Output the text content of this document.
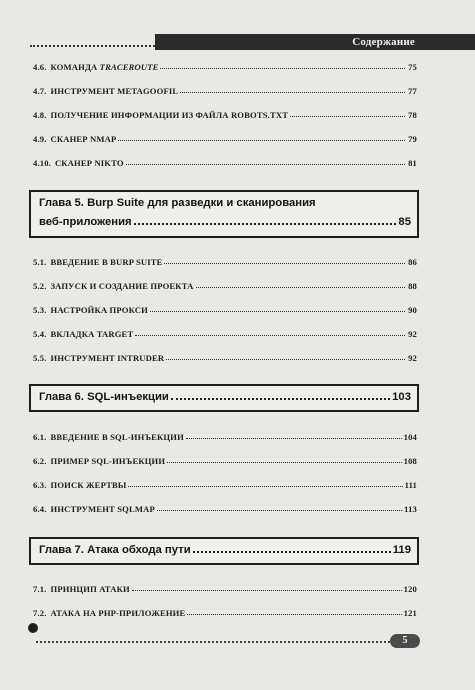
Содержание
4.6. КОМАНДА TRACEROUTE	75
4.7. ИНСТРУМЕНТ METAGOOFIL	77
4.8. ПОЛУЧЕНИЕ ИНФОРМАЦИИ ИЗ ФАЙЛА ROBOTS.TXT	78
4.9. СКАНЕР NMAP	79
4.10. СКАНЕР NIKTO	81
Глава 5. Burp Suite для разведки и сканирования
веб-приложения	85
5.1. ВВЕДЕНИЕ В BURP SUITE	86
5.2. ЗАПУСК И СОЗДАНИЕ ПРОЕКТА	88
5.3. НАСТРОЙКА ПРОКСИ	90
5.4. ВКЛАДКА TARGET	92
5.5. ИНСТРУМЕНТ INTRUDER	92
Глава 6. SQL-инъекции	103
6.1. ВВЕДЕНИЕ В SQL-ИНЪЕКЦИИ	104
6.2. ПРИМЕР SQL-ИНЪЕКЦИИ	108
6.3. ПОИСК ЖЕРТВЫ	111
6.4. ИНСТРУМЕНТ SQLMAP	113
Глава 7. Атака обхода пути	119
7.1. ПРИНЦИП АТАКИ	120
7.2. АТАКА НА PHP-ПРИЛОЖЕНИЕ	121
5
